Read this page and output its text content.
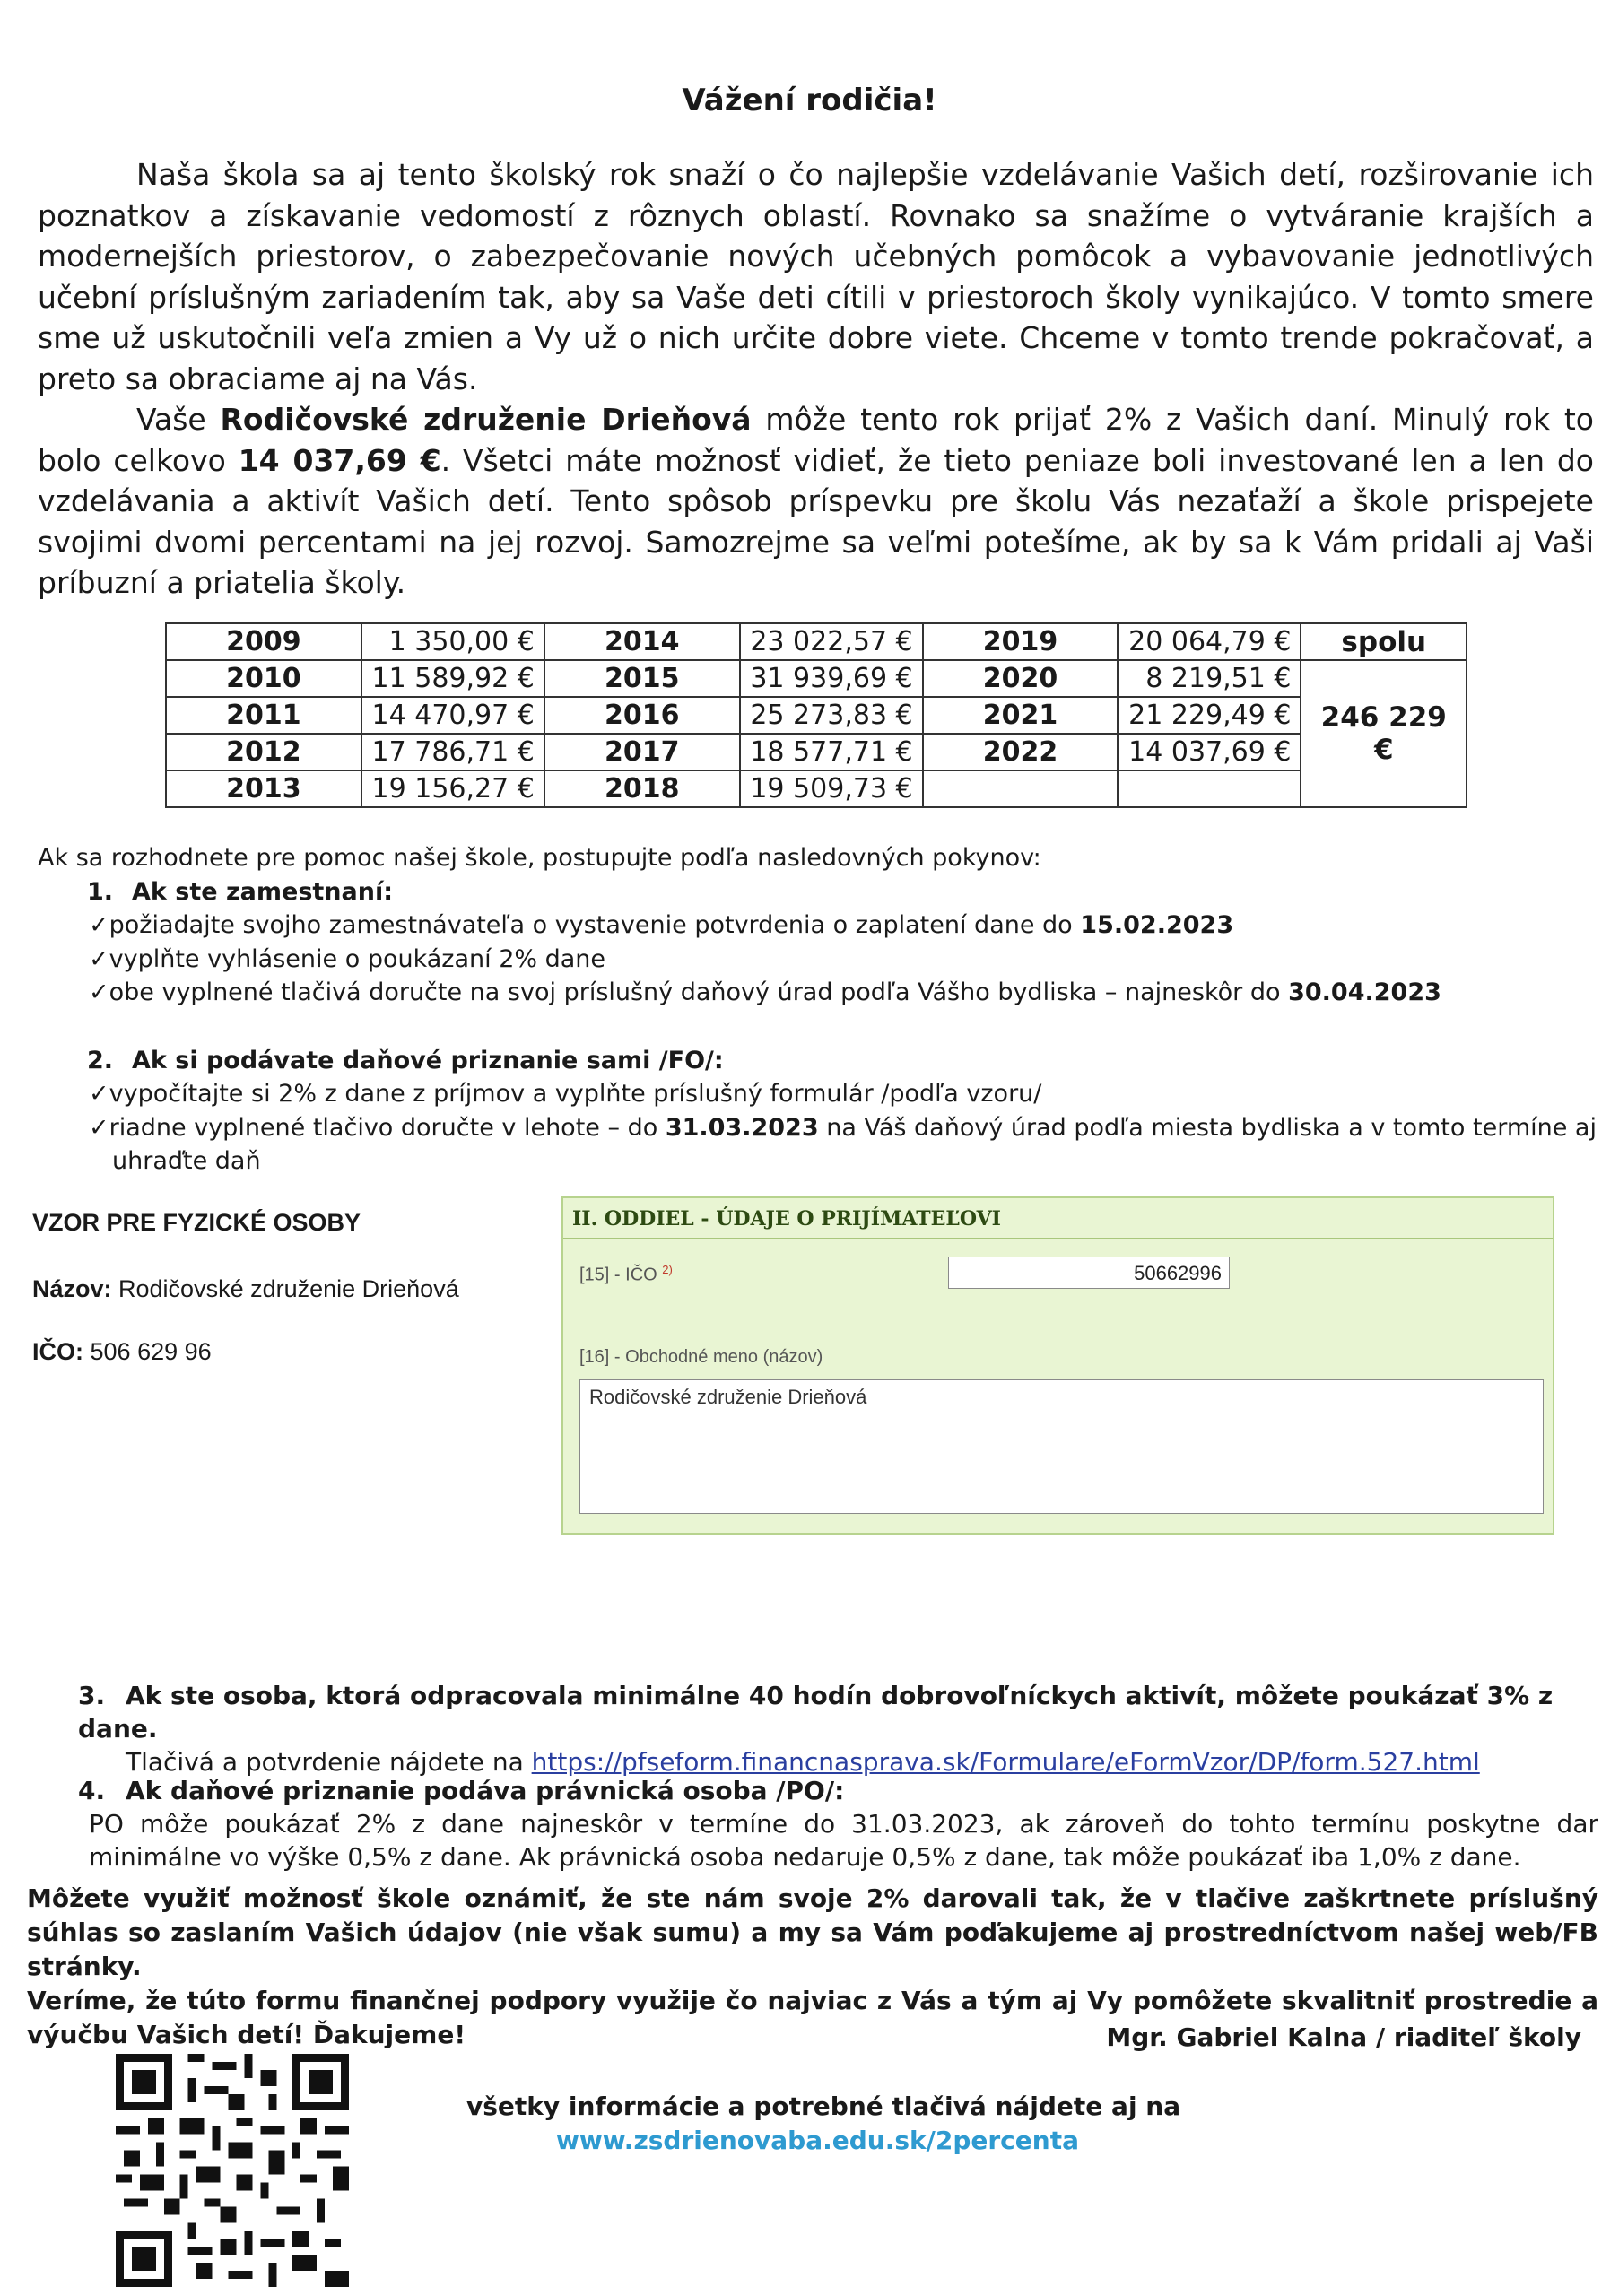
Vážení rodičia!

Naša škola sa aj tento školský rok snaží o čo najlepšie vzdelávanie Vašich detí, rozširovanie ich poznatkov a získavanie vedomostí z rôznych oblastí. Rovnako sa snažíme o vytváranie krajších a modernejších priestorov, o zabezpečovanie nových učebných pomôcok a vybavovanie jednotlivých učební príslušným zariadením tak, aby sa Vaše deti cítili v priestoroch školy vynikajúco. V tomto smere sme už uskutočnili veľa zmien a Vy už o nich určite dobre viete. Chceme v tomto trende pokračovať, a preto sa obraciame aj na Vás.

Vaše Rodičovské združenie Drieňová môže tento rok prijať 2% z Vašich daní. Minulý rok to bolo celkovo 14 037,69 €. Všetci máte možnosť vidieť, že tieto peniaze boli investované len a len do vzdelávania a aktivít Vašich detí. Tento spôsob príspevku pre školu Vás nezaťaží a škole prispejete svojimi dvomi percentami na jej rozvoj. Samozrejme sa veľmi potešíme, ak by sa k Vám pridali aj Vaši príbuzní a priatelia školy.

2009	1 350,00 €	2014	23 022,57 €	2019	20 064,79 €	spolu
2010	11 589,92 €	2015	31 939,69 €	2020	8 219,51 €	246 229 €
2011	14 470,97 €	2016	25 273,83 €	2021	21 229,49 €	
2012	17 786,71 €	2017	18 577,71 €	2022	14 037,69 €	
2013	19 156,27 €	2018	19 509,73 €			
Ak sa rozhodnete pre pomoc našej škole, postupujte podľa nasledovných pokynov:
1. Ak ste zamestnaní:
✓požiadajte svojho zamestnávateľa o vystavenie potvrdenia o zaplatení dane do 15.02.2023
✓vyplňte vyhlásenie o poukázaní 2% dane
✓obe vyplnené tlačivá doručte na svoj príslušný daňový úrad podľa Vášho bydliska – najneskôr do 30.04.2023
2. Ak si podávate daňové priznanie sami /FO/:
✓vypočítajte si 2% z dane z príjmov a vyplňte príslušný formulár /podľa vzoru/
✓riadne vyplnené tlačivo doručte v lehote – do 31.03.2023 na Váš daňový úrad podľa miesta bydliska a v tomto termíne aj uhraďte daň
VZOR PRE FYZICKÉ OSOBY
Názov: Rodičovské združenie Drieňová
IČO: 506 629 96
II. ODDIEL - ÚDAJE O PRIJÍMATEĽOVI
[15] - IČO $^{2)}$	50662996
[16] - Obchodné meno (názov)
Rodičovské združenie Drieňová
3. Ak ste osoba, ktorá odpracovala minimálne 40 hodín dobrovoľníckych aktivít, môžete poukázať 3% z dane.
Tlačivá a potvrdenie nájdete na https://pfseform.financnasprava.sk/Formulare/eFormVzor/DP/form.527.html
4. Ak daňové priznanie podáva právnická osoba /PO/:
PO môže poukázať 2% z dane najneskôr v termíne do 31.03.2023, ak zároveň do tohto termínu poskytne dar minimálne vo výške 0,5% z dane. Ak právnická osoba nedaruje 0,5% z dane, tak môže poukázať iba 1,0% z dane.
Môžete využiť možnosť škole oznámiť, že ste nám svoje 2% darovali tak, že v tlačive zaškrtnete príslušný súhlas so zaslaním Vašich údajov (nie však sumu) a my sa Vám poďakujeme aj prostredníctvom našej web/FB stránky.
Veríme, že túto formu finančnej podpory využije čo najviac z Vás a tým aj Vy pomôžete skvalitniť prostredie a výučbu Vašich detí! Ďakujeme!	Mgr. Gabriel Kalna / riaditeľ školy
všetky informácie a potrebné tlačivá nájdete aj na
www.zsdrienovaba.edu.sk/2percenta
